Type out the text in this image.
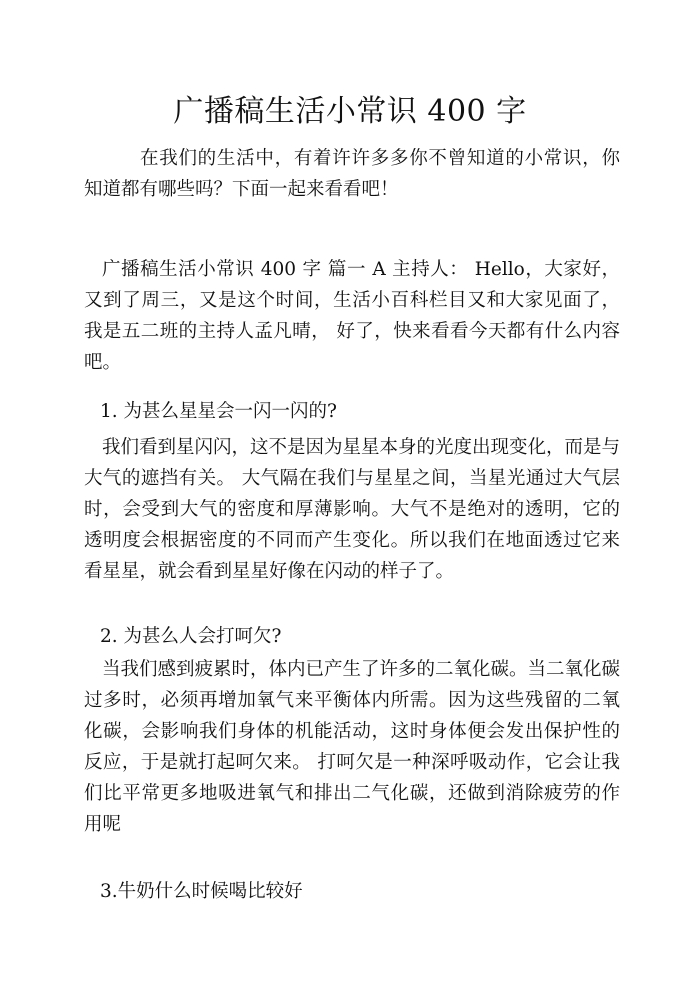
广播稿生活小常识 400 字

在我们的生活中，有着许许多多你不曾知道的小常识，你知道都有哪些吗？下面一起来看看吧！

广播稿生活小常识 400 字 篇一 A 主持人： Hello，大家好，又到了周三，又是这个时间，生活小百科栏目又和大家见面了，我是五二班的主持人孟凡晴， 好了，快来看看今天都有什么内容吧。

1. 为甚么星星会一闪一闪的?

我们看到星闪闪，这不是因为星星本身的光度出现变化，而是与大气的遮挡有关。 大气隔在我们与星星之间，当星光通过大气层时，会受到大气的密度和厚薄影响。大气不是绝对的透明，它的透明度会根据密度的不同而产生变化。所以我们在地面透过它来看星星，就会看到星星好像在闪动的样子了。

2. 为甚么人会打呵欠?

当我们感到疲累时，体内已产生了许多的二氧化碳。当二氧化碳过多时，必须再增加氧气来平衡体内所需。因为这些残留的二氧化碳，会影响我们身体的机能活动，这时身体便会发出保护性的反应，于是就打起呵欠来。 打呵欠是一种深呼吸动作，它会让我们比平常更多地吸进氧气和排出二气化碳，还做到消除疲劳的作用呢

3.牛奶什么时候喝比较好
